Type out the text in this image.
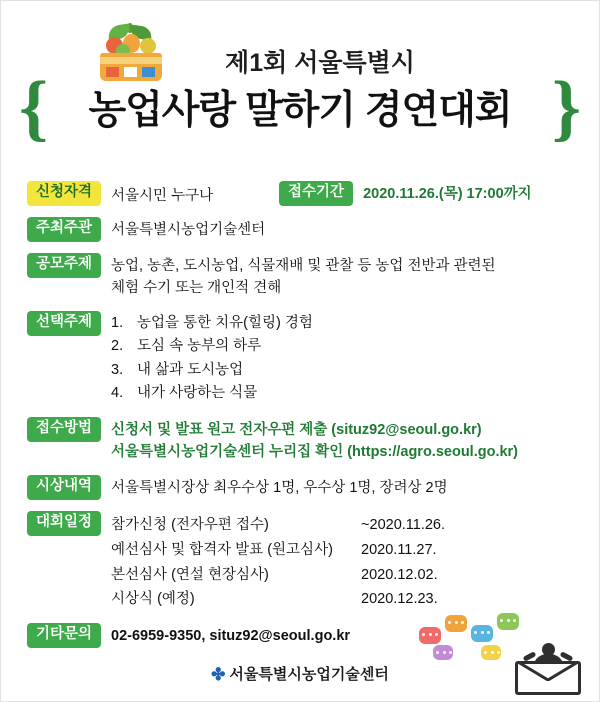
{	}
제1회 서울특별시
농업사랑 말하기 경연대회
신청자격	서울시민 누구나	접수기간	2020.11.26.(목) 17:00까지
주최주관	서울특별시농업기술센터
공모주제	농업, 농촌, 도시농업, 식물재배 및 관찰 등 농업 전반과 관련된
체험 수기 또는 개인적 견해
선택주제	1. 농업을 통한 치유(힐링) 경험
2. 도심 속 농부의 하루
3. 내 삶과 도시농업
4. 내가 사랑하는 식물
접수방법	신청서 및 발표 원고 전자우편 제출 (situz92@seoul.go.kr)
서울특별시농업기술센터 누리집 확인 (https://agro.seoul.go.kr)
시상내역	서울특별시장상 최우수상 1명, 우수상 1명, 장려상 2명
대회일정	참가신청 (전자우편 접수)	~2020.11.26.
예선심사 및 합격자 발표 (원고심사)	2020.11.27.
본선심사 (연설 현장심사)	2020.12.02.
시상식 (예정)	2020.12.23.
기타문의	02-6959-9350, situz92@seoul.go.kr
✤ 서울특별시농업기술센터
